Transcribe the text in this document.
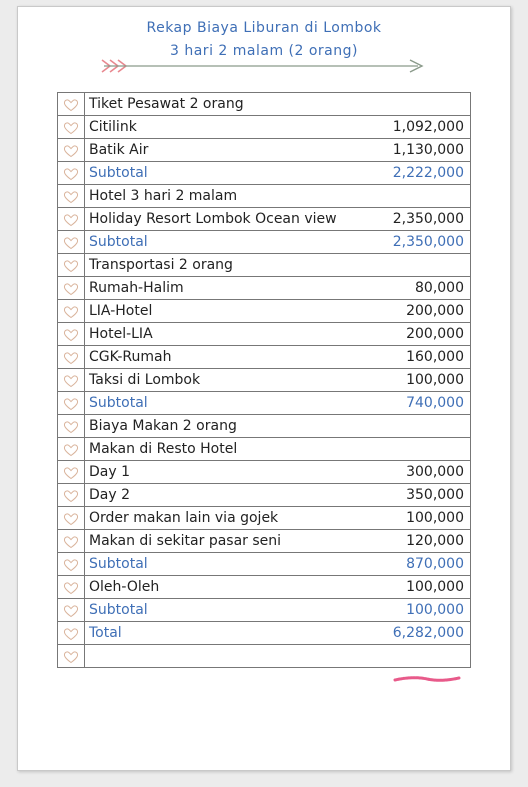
Rekap Biaya Liburan di Lombok
3 hari 2 malam (2 orang)
Tiket Pesawat 2 orang
Citilink	1,092,000
Batik Air	1,130,000
Subtotal	2,222,000
Hotel 3 hari 2 malam
Holiday Resort Lombok Ocean view	2,350,000
Subtotal	2,350,000
Transportasi 2 orang
Rumah-Halim	80,000
LIA-Hotel	200,000
Hotel-LIA	200,000
CGK-Rumah	160,000
Taksi di Lombok	100,000
Subtotal	740,000
Biaya Makan 2 orang
Makan di Resto Hotel
Day 1	300,000
Day 2	350,000
Order makan lain via gojek	100,000
Makan di sekitar pasar seni	120,000
Subtotal	870,000
Oleh-Oleh	100,000
Subtotal	100,000
Total	6,282,000
